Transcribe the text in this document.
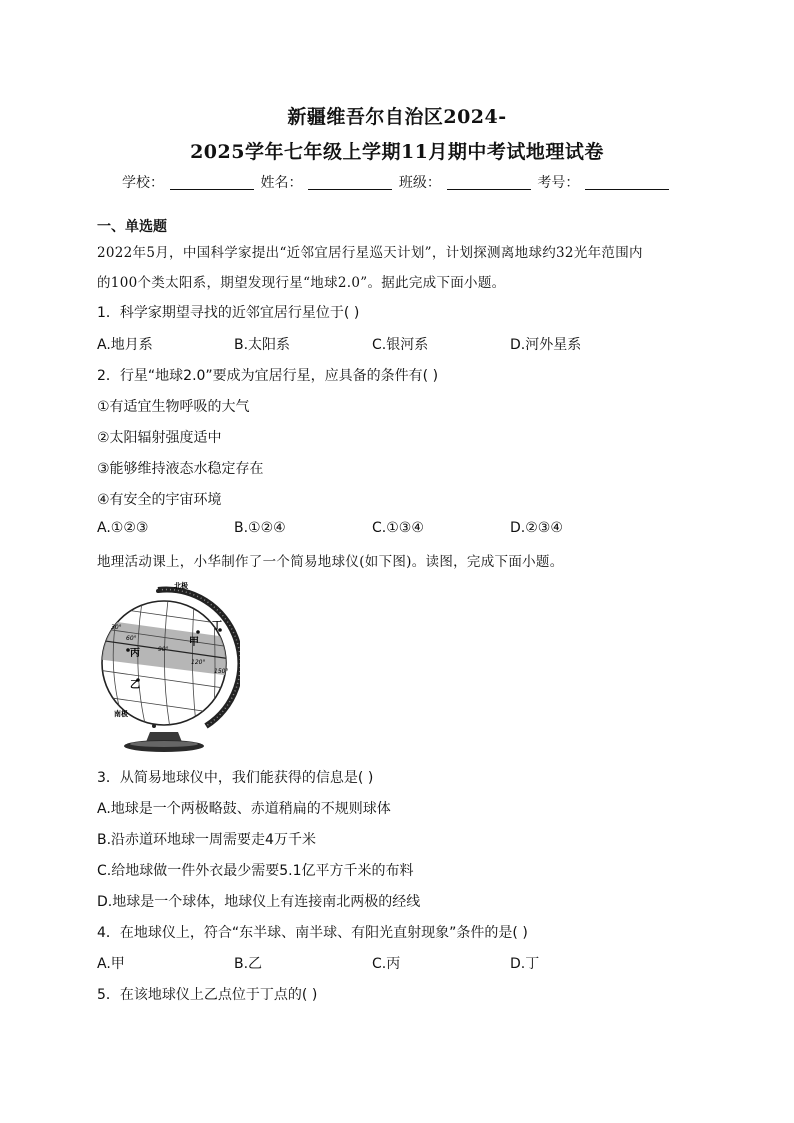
新疆维吾尔自治区2024-
2025学年七年级上学期11月期中考试地理试卷
学校：	姓名：	班级：	考号：
一、单选题
2022年5月，中国科学家提出“近邻宜居行星巡天计划”，计划探测离地球约32光年范围内
的100个类太阳系，期望发现行星“地球2.0”。据此完成下面小题。
1．科学家期望寻找的近邻宜居行星位于( )
A.地月系	B.太阳系	C.银河系	D.河外星系
2．行星“地球2.0”要成为宜居行星，应具备的条件有( )
①有适宜生物呼吸的大气
②太阳辐射强度适中
③能够维持液态水稳定存在
④有安全的宇宙环境
A.①②③	B.①②④	C.①③④	D.②③④
地理活动课上，小华制作了一个简易地球仪(如下图)。读图，完成下面小题。
北极
南极
30°
60°
90°
120°
150°
甲
丁
丙
乙
3．从简易地球仪中，我们能获得的信息是( )
A.地球是一个两极略鼓、赤道稍扁的不规则球体
B.沿赤道环地球一周需要走4万千米
C.给地球做一件外衣最少需要5.1亿平方千米的布料
D.地球是一个球体，地球仪上有连接南北两极的经线
4．在地球仪上，符合“东半球、南半球、有阳光直射现象”条件的是( )
A.甲	B.乙	C.丙	D.丁
5．在该地球仪上乙点位于丁点的( )
